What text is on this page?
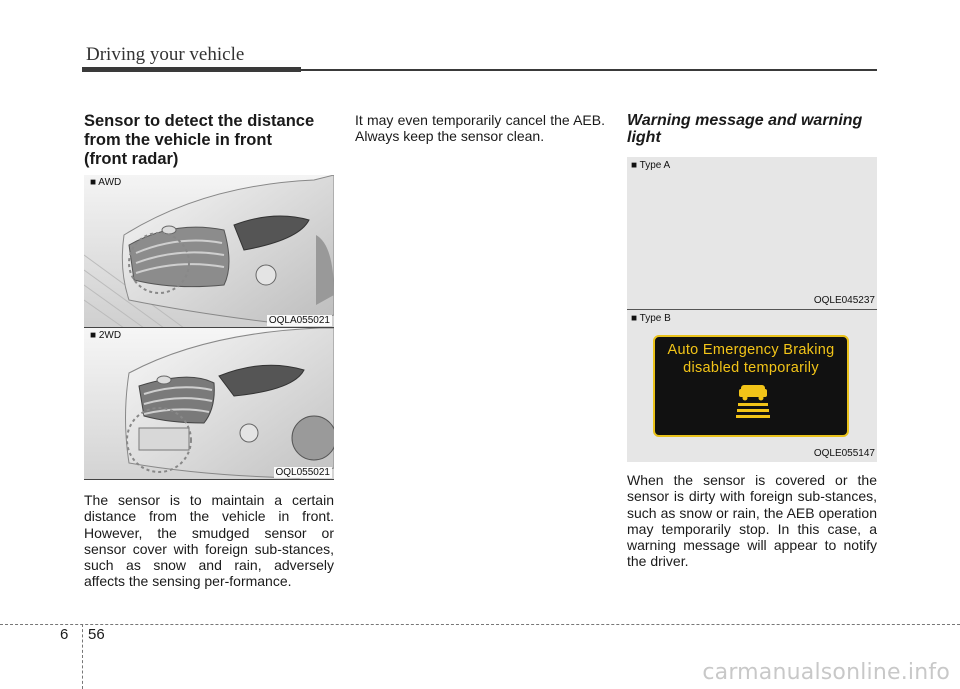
Driving your vehicle
Sensor to detect the distance
from the vehicle in front
(front radar)
■ AWD
OQLA055021
■ 2WD
OQL055021
The sensor is to maintain a certain distance from the vehicle in front. However, the smudged sensor or sensor cover with foreign sub-stances, such as snow and rain, adversely affects the sensing per-formance.
It may even temporarily cancel the AEB. Always keep the sensor clean.
Warning message and warning
light
■ Type A
OQLE045237
■ Type B
Auto Emergency Braking
disabled temporarily
OQLE055147
When the sensor is covered or the sensor is dirty with foreign sub-stances, such as snow or rain, the AEB operation may temporarily stop. In this case, a warning message will appear to notify the driver.
6 56
carmanualsonline.info
